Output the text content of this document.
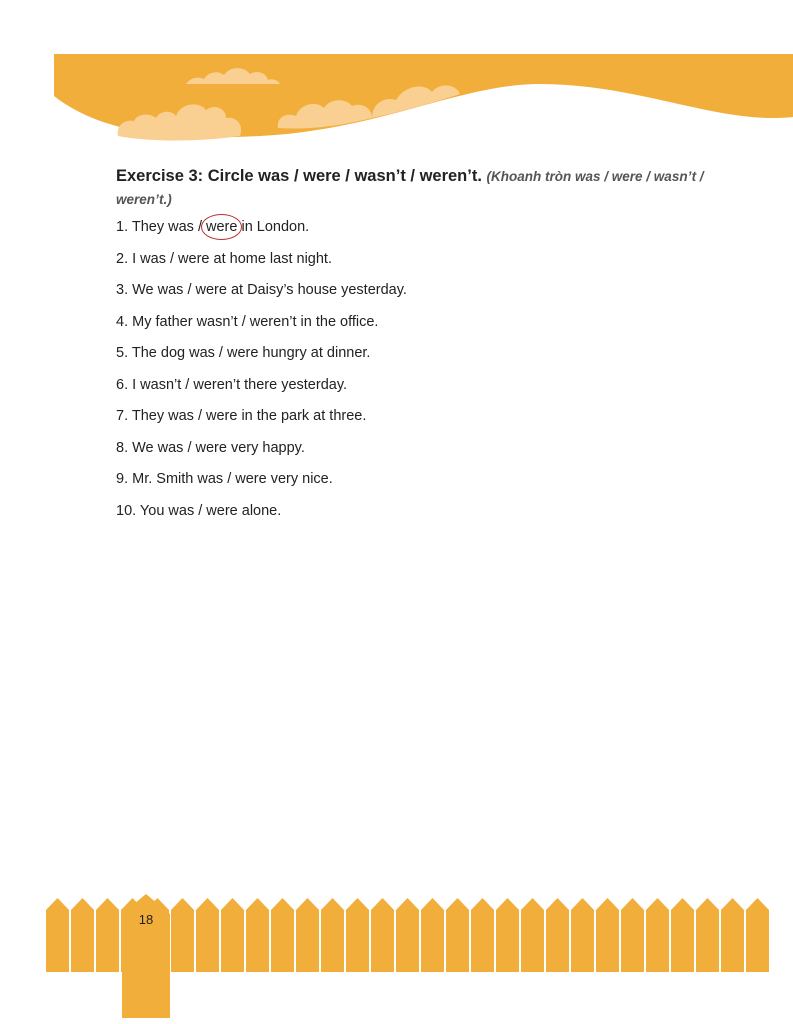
Exercise 3: Circle was / were / wasn’t / weren’t. (Khoanh tròn was / were / wasn’t / weren’t.)
1. They was / were in London.
2. I was / were at home last night.
3. We was / were at Daisy’s house yesterday.
4. My father wasn’t / weren’t in the office.
5. The dog was / were hungry at dinner.
6. I wasn’t / weren’t there yesterday.
7. They was / were in the park at three.
8. We was / were very happy.
9. Mr. Smith was / were very nice.
10. You was / were alone.
18
